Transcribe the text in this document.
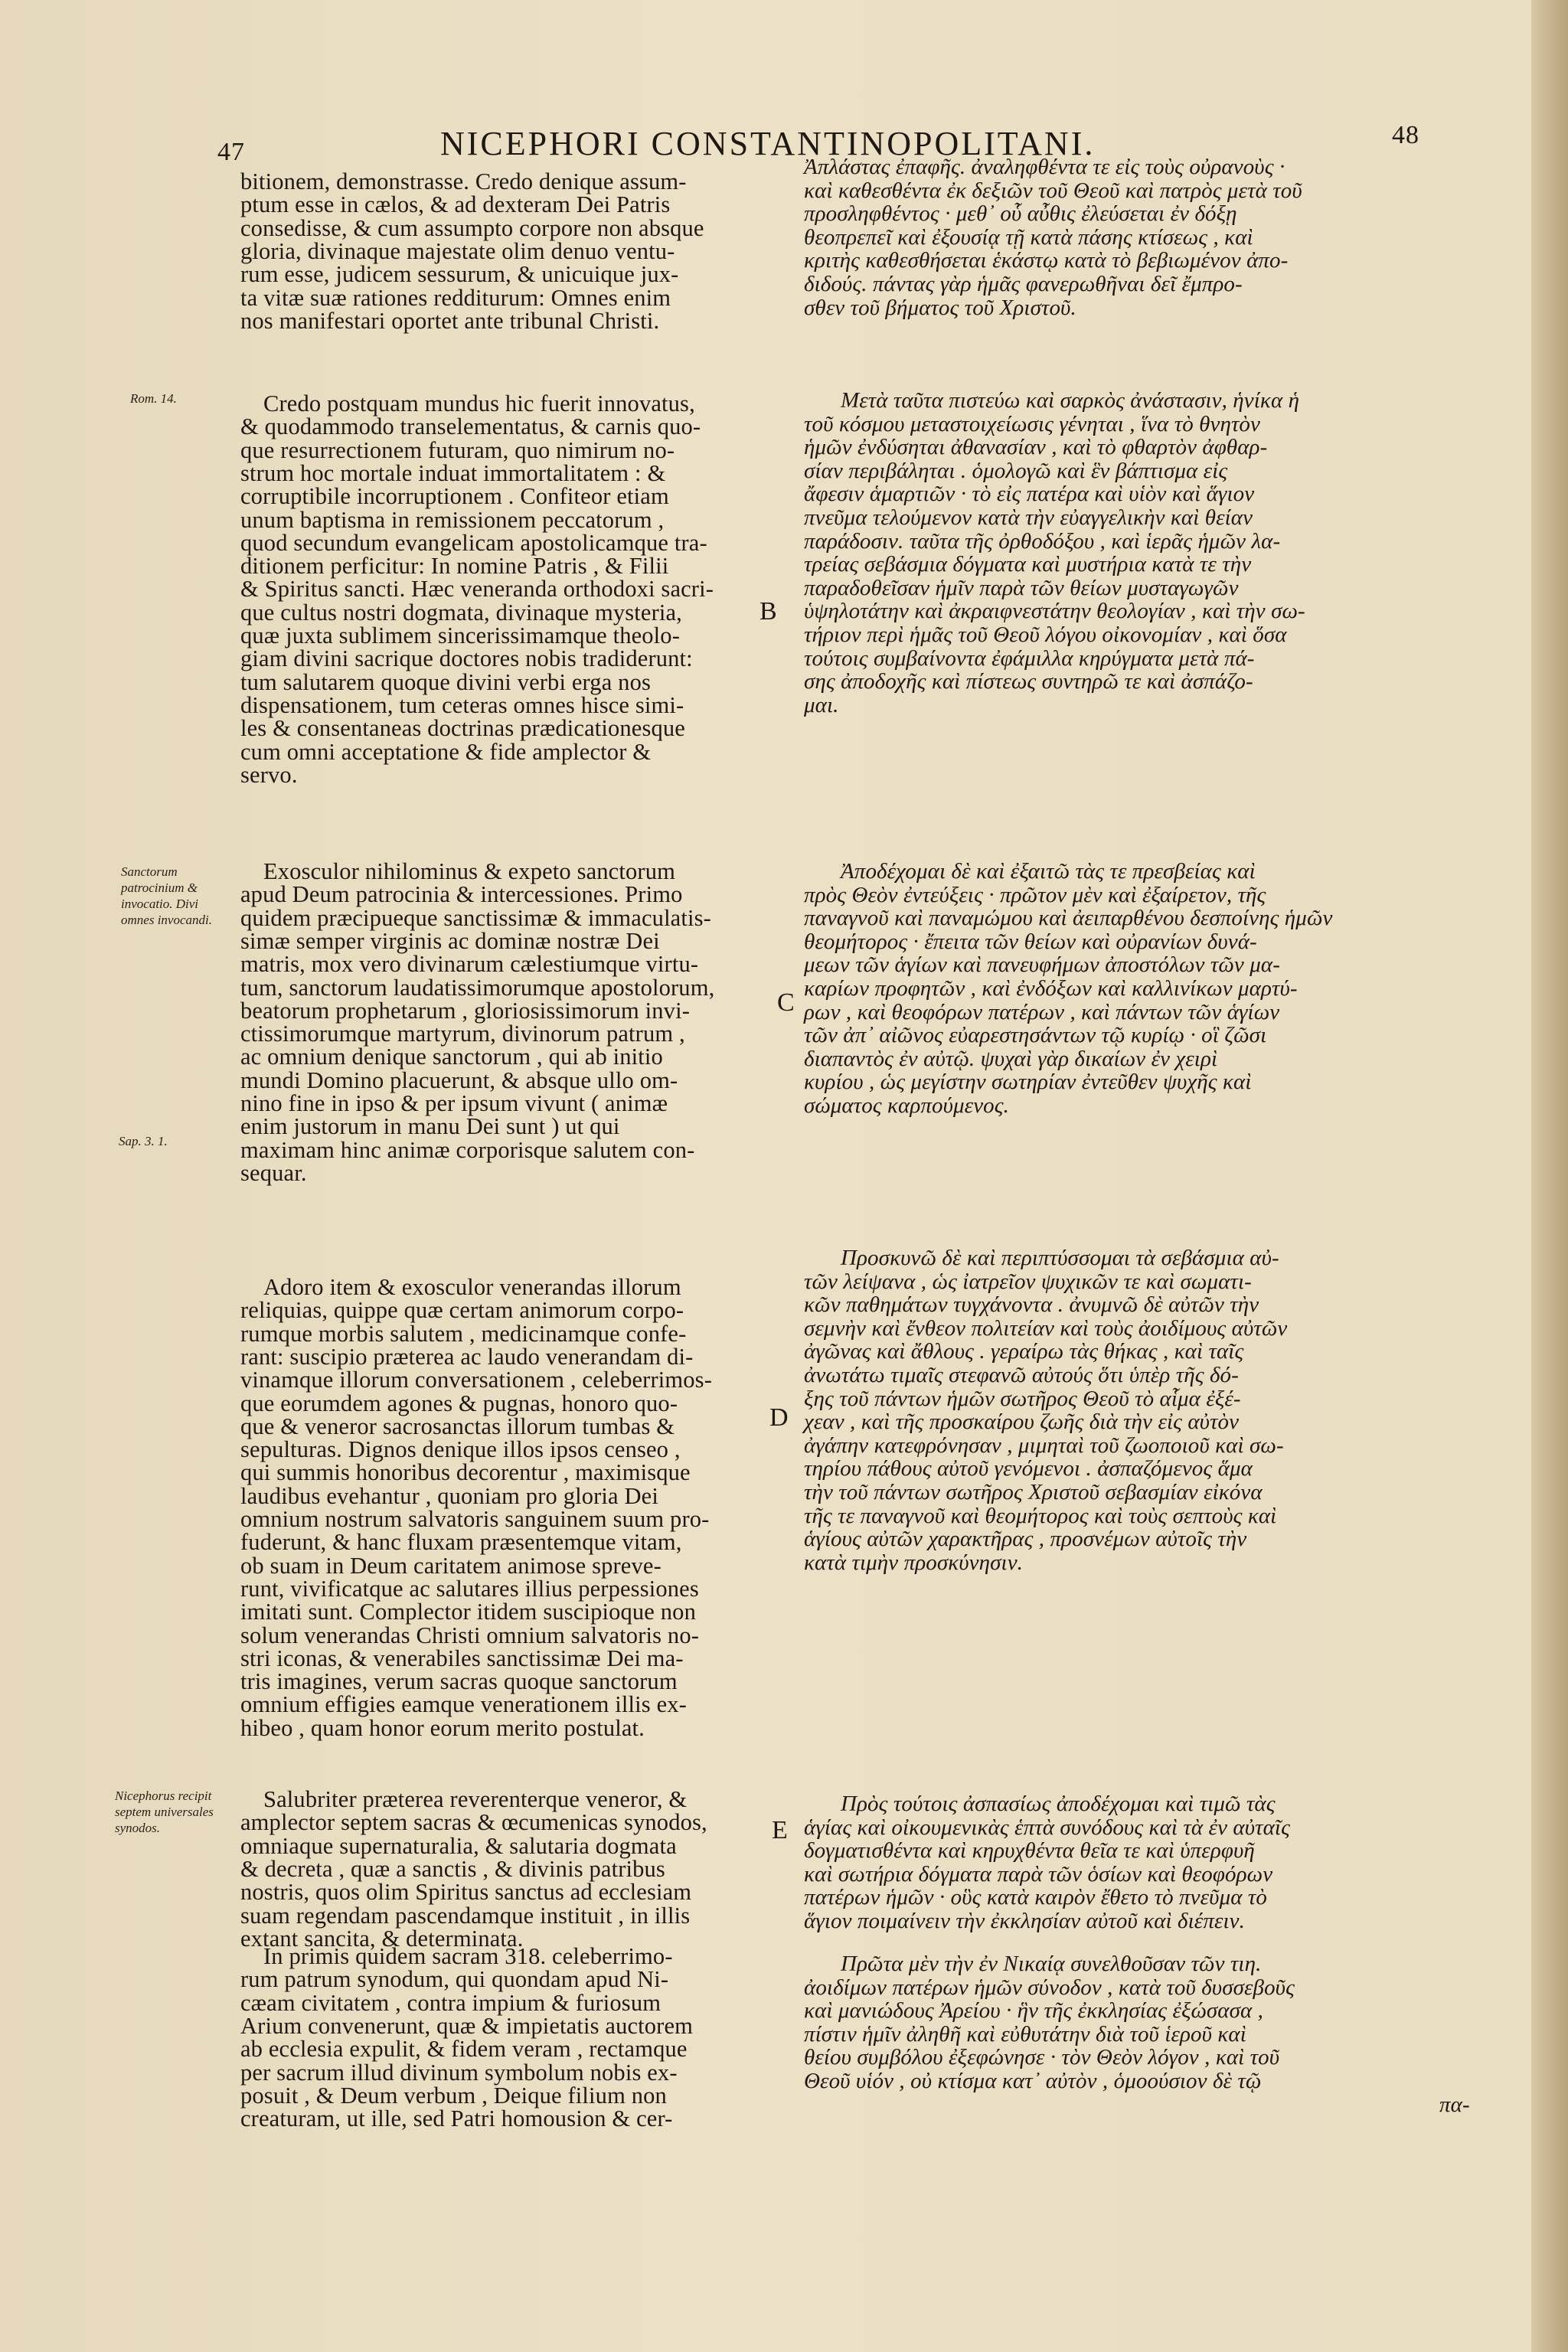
47	NICEPHORI CONSTANTINOPOLITANI.	48
bitionem, demonstrasse. Credo denique assum-
ptum esse in cælos, & ad dexteram Dei Patris
consedisse, & cum assumpto corpore non absque
gloria, divinaque majestate olim denuo ventu-
rum esse, judicem sessurum, & unicuique jux-
ta vitæ suæ rationes redditurum: Omnes enim
nos manifestari oportet ante tribunal Christi.
Credo postquam mundus hic fuerit innovatus,
& quodammodo transelementatus, & carnis quo-
que resurrectionem futuram, quo nimirum no-
strum hoc mortale induat immortalitatem : &
corruptibile incorruptionem . Confiteor etiam
unum baptisma in remissionem peccatorum ,
quod secundum evangelicam apostolicamque tra-
ditionem perficitur: In nomine Patris , & Filii
& Spiritus sancti. Hæc veneranda orthodoxi sacri-
que cultus nostri dogmata, divinaque mysteria,
quæ juxta sublimem sincerissimamque theolo-
giam divini sacrique doctores nobis tradiderunt:
tum salutarem quoque divini verbi erga nos
dispensationem, tum ceteras omnes hisce simi-
les & consentaneas doctrinas prædicationesque
cum omni acceptatione & fide amplector &
servo.
Exosculor nihilominus & expeto sanctorum
apud Deum patrocinia & intercessiones. Primo
quidem præcipueque sanctissimæ & immaculatis-
simæ semper virginis ac dominæ nostræ Dei
matris, mox vero divinarum cælestiumque virtu-
tum, sanctorum laudatissimorumque apostolorum,
beatorum prophetarum , gloriosissimorum invi-
ctissimorumque martyrum, divinorum patrum ,
ac omnium denique sanctorum , qui ab initio
mundi Domino placuerunt, & absque ullo om-
nino fine in ipso & per ipsum vivunt ( animæ
enim justorum in manu Dei sunt ) ut qui
maximam hinc animæ corporisque salutem con-
sequar.
Adoro item & exosculor venerandas illorum
reliquias, quippe quæ certam animorum corpo-
rumque morbis salutem , medicinamque confe-
rant: suscipio præterea ac laudo venerandam di-
vinamque illorum conversationem , celeberrimos-
que eorumdem agones & pugnas, honoro quo-
que & veneror sacrosanctas illorum tumbas &
sepulturas. Dignos denique illos ipsos censeo ,
qui summis honoribus decorentur , maximisque
laudibus evehantur , quoniam pro gloria Dei
omnium nostrum salvatoris sanguinem suum pro-
fuderunt, & hanc fluxam præsentemque vitam,
ob suam in Deum caritatem animose spreve-
runt, vivificatque ac salutares illius perpessiones
imitati sunt. Complector itidem suscipioque non
solum venerandas Christi omnium salvatoris no-
stri iconas, & venerabiles sanctissimæ Dei ma-
tris imagines, verum sacras quoque sanctorum
omnium effigies eamque venerationem illis ex-
hibeo , quam honor eorum merito postulat.
Salubriter præterea reverenterque veneror, &
amplector septem sacras & œcumenicas synodos,
omniaque supernaturalia, & salutaria dogmata
& decreta , quæ a sanctis , & divinis patribus
nostris, quos olim Spiritus sanctus ad ecclesiam
suam regendam pascendamque instituit , in illis
extant sancita, & determinata.
In primis quidem sacram 318. celeberrimo-
rum patrum synodum, qui quondam apud Ni-
cæam civitatem , contra impium & furiosum
Arium convenerunt, quæ & impietatis auctorem
ab ecclesia expulit, & fidem veram , rectamque
per sacrum illud divinum symbolum nobis ex-
posuit , & Deum verbum , Deique filium non
creaturam, ut ille, sed Patri homousion & cer-
Ἀπλάστας ἐπαφῆς. ἀναληφθέντα τε εἰς τοὺς οὐρανοὺς ·
καὶ καθεσθέντα ἐκ δεξιῶν τοῦ Θεοῦ καὶ πατρὸς μετὰ τοῦ
προσληφθέντος · μεθ᾽ οὗ αὖθις ἐλεύσεται ἐν δόξῃ
θεοπρεπεῖ καὶ ἐξουσίᾳ τῇ κατὰ πάσης κτίσεως , καὶ
κριτὴς καθεσθήσεται ἑκάστῳ κατὰ τὸ βεβιωμένον ἀπο-
διδούς. πάντας γὰρ ἡμᾶς φανερωθῆναι δεῖ ἔμπρο-
σθεν τοῦ βήματος τοῦ Χριστοῦ.
Μετὰ ταῦτα πιστεύω καὶ σαρκὸς ἀνάστασιν, ἡνίκα ἡ
τοῦ κόσμου μεταστοιχείωσις γένηται , ἵνα τὸ θνητὸν
ἡμῶν ἐνδύσηται ἀθανασίαν , καὶ τὸ φθαρτὸν ἀφθαρ-
σίαν περιβάληται . ὁμολογῶ καὶ ἓν βάπτισμα εἰς
ἄφεσιν ἁμαρτιῶν · τὸ εἰς πατέρα καὶ υἱὸν καὶ ἅγιον
πνεῦμα τελούμενον κατὰ τὴν εὐαγγελικὴν καὶ θείαν
παράδοσιν. ταῦτα τῆς ὀρθοδόξου , καὶ ἱερᾶς ἡμῶν λα-
τρείας σεβάσμια δόγματα καὶ μυστήρια κατὰ τε τὴν
παραδοθεῖσαν ἡμῖν παρὰ τῶν θείων μυσταγωγῶν
ὑψηλοτάτην καὶ ἀκραιφνεστάτην θεολογίαν , καὶ τὴν σω-
τήριον περὶ ἡμᾶς τοῦ Θεοῦ λόγου οἰκονομίαν , καὶ ὅσα
τούτοις συμβαίνοντα ἐφάμιλλα κηρύγματα μετὰ πά-
σης ἀποδοχῆς καὶ πίστεως συντηρῶ τε καὶ ἀσπάζο-
μαι.
Ἀποδέχομαι δὲ καὶ ἐξαιτῶ τὰς τε πρεσβείας καὶ
πρὸς Θεὸν ἐντεύξεις · πρῶτον μὲν καὶ ἐξαίρετον, τῆς
παναγνοῦ καὶ παναμώμου καὶ ἀειπαρθένου δεσποίνης ἡμῶν
θεομήτορος · ἔπειτα τῶν θείων καὶ οὐρανίων δυνά-
μεων τῶν ἁγίων καὶ πανευφήμων ἀποστόλων τῶν μα-
καρίων προφητῶν , καὶ ἐνδόξων καὶ καλλινίκων μαρτύ-
ρων , καὶ θεοφόρων πατέρων , καὶ πάντων τῶν ἁγίων
τῶν ἀπ᾽ αἰῶνος εὐαρεστησάντων τῷ κυρίῳ · οἳ ζῶσι
διαπαντὸς ἐν αὐτῷ. ψυχαὶ γὰρ δικαίων ἐν χειρὶ
κυρίου , ὡς μεγίστην σωτηρίαν ἐντεῦθεν ψυχῆς καὶ
σώματος καρπούμενος.
Προσκυνῶ δὲ καὶ περιπτύσσομαι τὰ σεβάσμια αὐ-
τῶν λείψανα , ὡς ἰατρεῖον ψυχικῶν τε καὶ σωματι-
κῶν παθημάτων τυγχάνοντα . ἀνυμνῶ δὲ αὐτῶν τὴν
σεμνὴν καὶ ἔνθεον πολιτείαν καὶ τοὺς ἀοιδίμους αὐτῶν
ἀγῶνας καὶ ἄθλους . γεραίρω τὰς θήκας , καὶ ταῖς
ἀνωτάτω τιμαῖς στεφανῶ αὐτούς ὅτι ὑπὲρ τῆς δό-
ξης τοῦ πάντων ἡμῶν σωτῆρος Θεοῦ τὸ αἷμα ἐξέ-
χεαν , καὶ τῆς προσκαίρου ζωῆς διὰ τὴν εἰς αὐτὸν
ἀγάπην κατεφρόνησαν , μιμηταὶ τοῦ ζωοποιοῦ καὶ σω-
τηρίου πάθους αὐτοῦ γενόμενοι . ἀσπαζόμενος ἅμα
τὴν τοῦ πάντων σωτῆρος Χριστοῦ σεβασμίαν εἰκόνα
τῆς τε παναγνοῦ καὶ θεομήτορος καὶ τοὺς σεπτοὺς καὶ
ἁγίους αὐτῶν χαρακτῆρας , προσνέμων αὐτοῖς τὴν
κατὰ τιμὴν προσκύνησιν.
Πρὸς τούτοις ἀσπασίως ἀποδέχομαι καὶ τιμῶ τὰς
ἁγίας καὶ οἰκουμενικὰς ἑπτὰ συνόδους καὶ τὰ ἐν αὐταῖς
δογματισθέντα καὶ κηρυχθέντα θεῖα τε καὶ ὑπερφυῆ
καὶ σωτήρια δόγματα παρὰ τῶν ὁσίων καὶ θεοφόρων
πατέρων ἡμῶν · οὓς κατὰ καιρὸν ἔθετο τὸ πνεῦμα τὸ
ἅγιον ποιμαίνειν τὴν ἐκκλησίαν αὐτοῦ καὶ διέπειν.
Πρῶτα μὲν τὴν ἐν Νικαίᾳ συνελθοῦσαν τῶν τιη.
ἀοιδίμων πατέρων ἡμῶν σύνοδον , κατὰ τοῦ δυσσεβοῦς
καὶ μανιώδους Ἀρείου · ἣν τῆς ἐκκλησίας ἐξώσασα ,
πίστιν ἡμῖν ἀληθῆ καὶ εὐθυτάτην διὰ τοῦ ἱεροῦ καὶ
θείου συμβόλου ἐξεφώνησε · τὸν Θεὸν λόγον , καὶ τοῦ
Θεοῦ υἱόν , οὐ κτίσμα κατ᾽ αὐτὸν , ὁμοούσιον δὲ τῷ
πα-
Rom. 14.
Sanctorum patrocinium & invocatio. Divi omnes invocandi.
Sap. 3. 1.
Nicephorus recipit septem universales synodos.
B
C
D
E
